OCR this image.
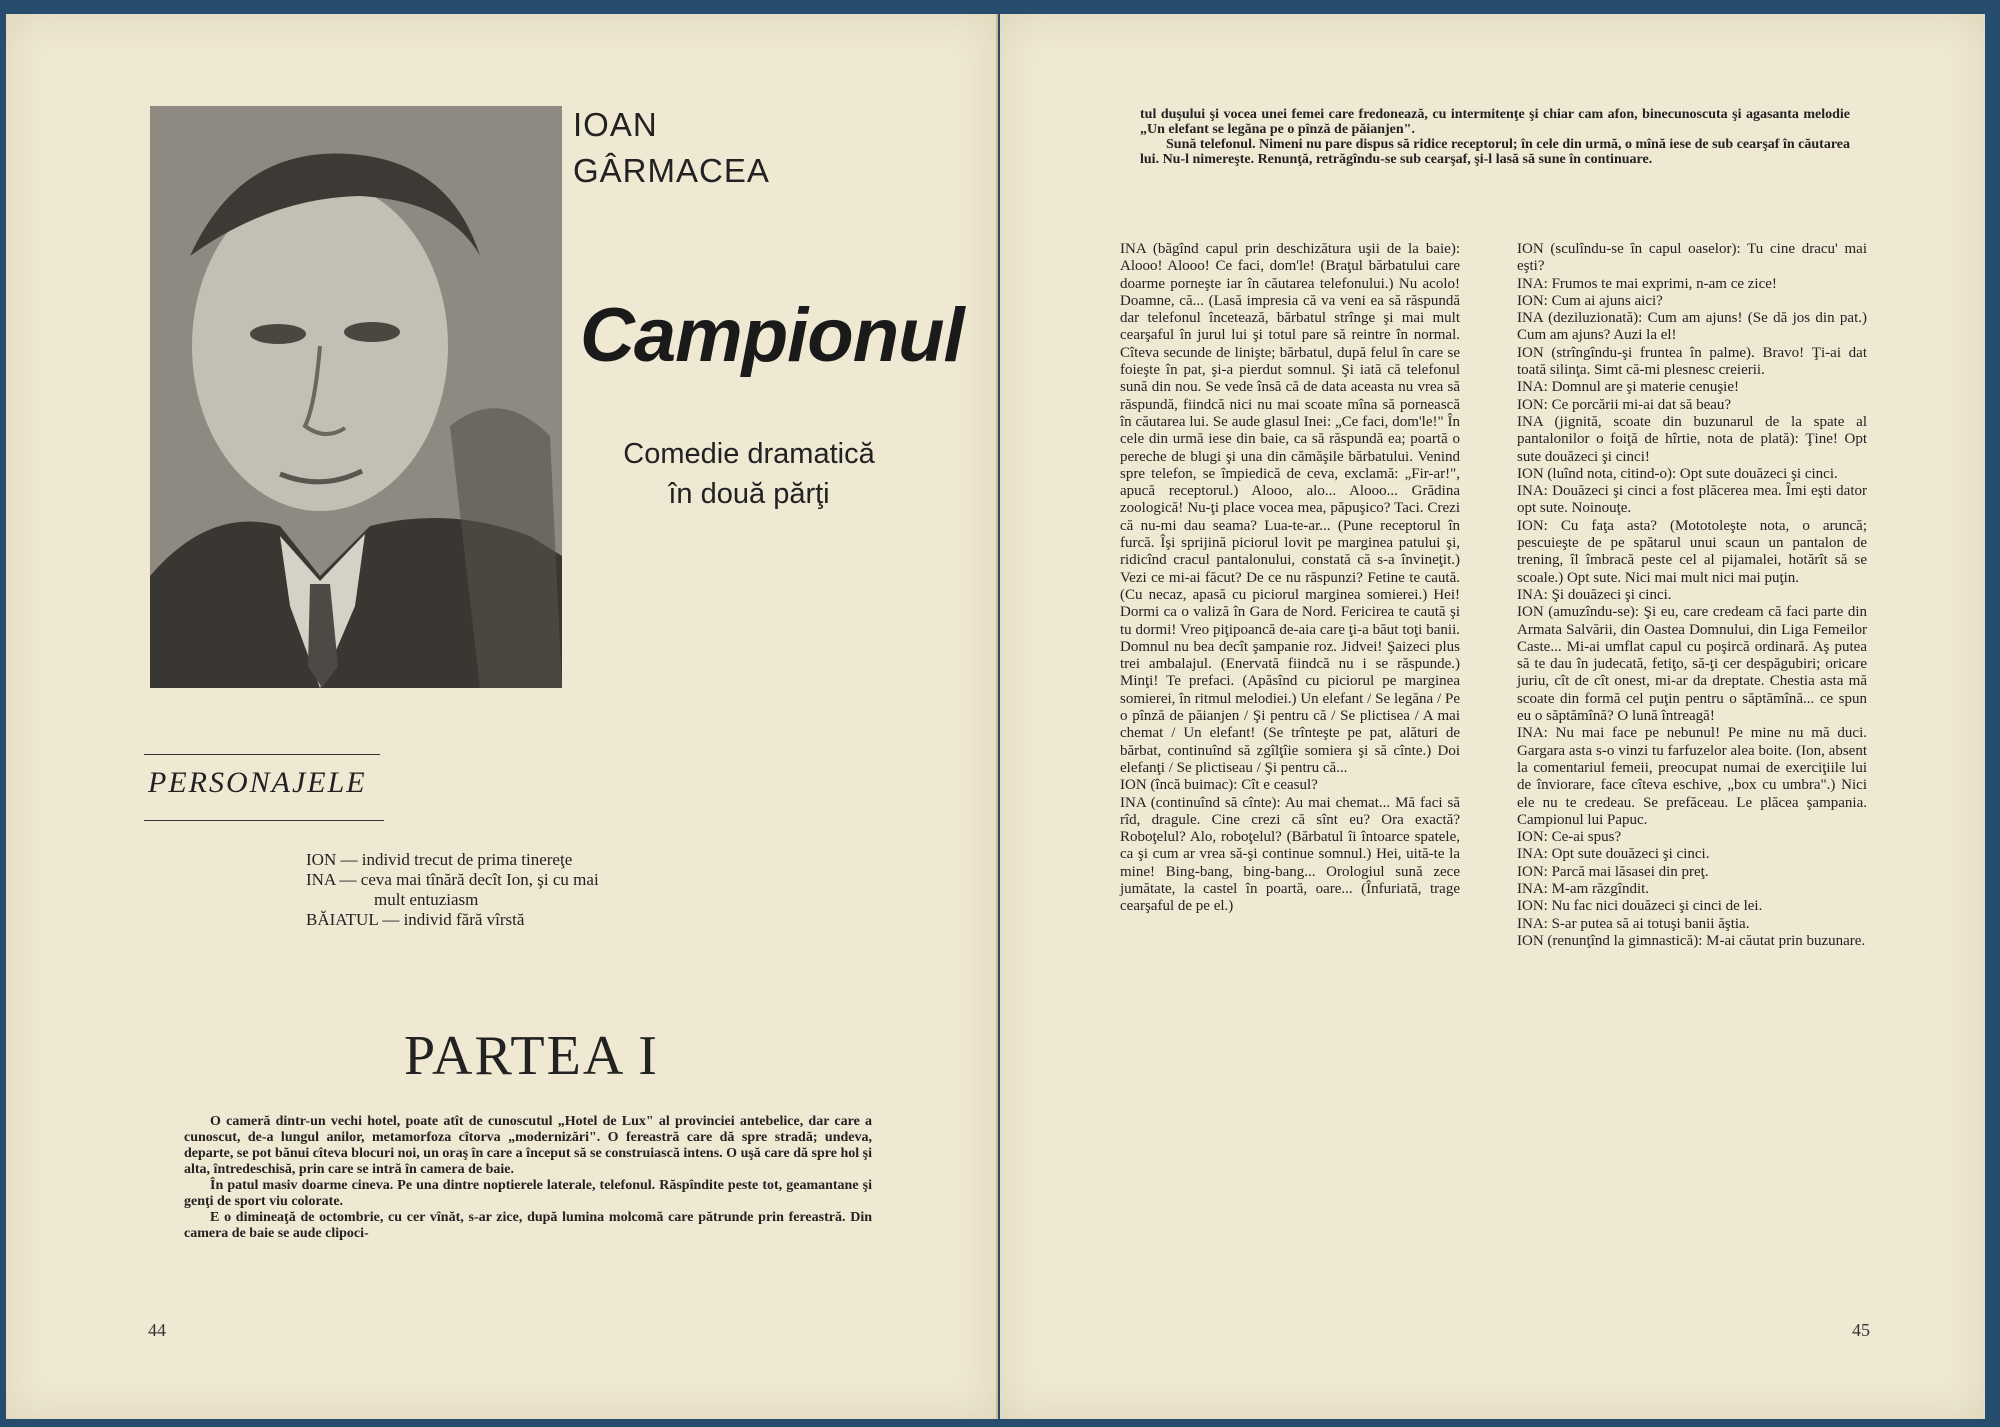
IOAN
GÂRMACEA
Campionul
Comedie dramatică
în două părţi
PERSONAJELE
ION — individ trecut de prima tinereţe
INA — ceva mai tînără decît Ion, şi cu mai
mult entuziasm
BĂIATUL — individ fără vîrstă
PARTEA I

O cameră dintr-un vechi hotel, poate atît de cunoscutul „Hotel de Lux" al provinciei antebelice, dar care a cunoscut, de-a lungul anilor, metamorfoza cîtorva „modernizări". O fereastră care dă spre stradă; undeva, departe, se pot bănui cîteva blocuri noi, un oraş în care a început să se construiască intens. O uşă care dă spre hol şi alta, întredeschisă, prin care se intră în camera de baie.

În patul masiv doarme cineva. Pe una dintre noptierele laterale, telefonul. Răspîndite peste tot, geamantane şi genţi de sport viu colorate.

E o dimineaţă de octombrie, cu cer vînăt, s-ar zice, după lumina molcomă care pătrunde prin fereastră. Din camera de baie se aude clipoci-

44

tul duşului şi vocea unei femei care fredonează, cu intermitenţe şi chiar cam afon, binecunoscuta şi agasanta melodie „Un elefant se legăna pe o pînză de păianjen".

Sună telefonul. Nimeni nu pare dispus să ridice receptorul; în cele din urmă, o mînă iese de sub cearşaf în căutarea lui. Nu-l nimereşte. Renunţă, retrăgîndu-se sub cearşaf, şi-l lasă să sune în continuare.

INA (băgînd capul prin deschizătura uşii de la baie): Alooo! Alooo! Ce faci, dom'le! (Braţul bărbatului care doarme porneşte iar în căutarea telefonului.) Nu acolo! Doamne, că... (Lasă impresia că va veni ea să răspundă dar telefonul încetează, bărbatul strînge şi mai mult cearşaful în jurul lui şi totul pare să reintre în normal. Cîteva secunde de linişte; bărbatul, după felul în care se foieşte în pat, şi-a pierdut somnul. Şi iată că telefonul sună din nou. Se vede însă că de data aceasta nu vrea să răspundă, fiindcă nici nu mai scoate mîna să pornească în căutarea lui. Se aude glasul Inei: „Ce faci, dom'le!" În cele din urmă iese din baie, ca să răspundă ea; poartă o pereche de blugi şi una din cămăşile bărbatului. Venind spre telefon, se împiedică de ceva, exclamă: „Fir-ar!", apucă receptorul.) Alooo, alo... Alooo... Grădina zoologică! Nu-ţi place vocea mea, păpuşico? Taci. Crezi că nu-mi dau seama? Lua-te-ar... (Pune receptorul în furcă. Îşi sprijină piciorul lovit pe marginea patului şi, ridicînd cracul pantalonului, constată că s-a învineţit.) Vezi ce mi-ai făcut? De ce nu răspunzi? Fetine te caută. (Cu necaz, apasă cu piciorul marginea somierei.) Hei! Dormi ca o valiză în Gara de Nord. Fericirea te caută şi tu dormi! Vreo piţipoancă de-aia care ţi-a băut toţi banii. Domnul nu bea decît şampanie roz. Jidvei! Şaizeci plus trei ambalajul. (Enervată fiindcă nu i se răspunde.) Minţi! Te prefaci. (Apăsînd cu piciorul pe marginea somierei, în ritmul melodiei.) Un elefant / Se legăna / Pe o pînză de păianjen / Şi pentru că / Se plictisea / A mai chemat / Un elefant! (Se trînteşte pe pat, alături de bărbat, continuînd să zgîlţîie somiera şi să cînte.) Doi elefanţi / Se plictiseau / Şi pentru că...

ION (încă buimac): Cît e ceasul?

INA (continuînd să cînte): Au mai chemat... Mă faci să rîd, dragule. Cine crezi că sînt eu? Ora exactă? Roboţelul? Alo, roboţelul? (Bărbatul îi întoarce spatele, ca şi cum ar vrea să-şi continue somnul.) Hei, uită-te la mine! Bing-bang, bing-bang... Orologiul sună zece jumătate, la castel în poartă, oare... (Înfuriată, trage cearşaful de pe el.)

ION (sculîndu-se în capul oaselor): Tu cine dracu' mai eşti?

INA: Frumos te mai exprimi, n-am ce zice!

ION: Cum ai ajuns aici?

INA (deziluzionată): Cum am ajuns! (Se dă jos din pat.) Cum am ajuns? Auzi la el!

ION (strîngîndu-şi fruntea în palme). Bravo! Ţi-ai dat toată silinţa. Simt că-mi plesnesc creierii.

INA: Domnul are şi materie cenuşie!

ION: Ce porcării mi-ai dat să beau?

INA (jignită, scoate din buzunarul de la spate al pantalonilor o foiţă de hîrtie, nota de plată): Ţine! Opt sute douăzeci şi cinci!

ION (luînd nota, citind-o): Opt sute douăzeci şi cinci.

INA: Douăzeci şi cinci a fost plăcerea mea. Îmi eşti dator opt sute. Noinouţe.

ION: Cu faţa asta? (Mototoleşte nota, o aruncă; pescuieşte de pe spătarul unui scaun un pantalon de trening, îl îmbracă peste cel al pijamalei, hotărît să se scoale.) Opt sute. Nici mai mult nici mai puţin.

INA: Şi douăzeci şi cinci.

ION (amuzîndu-se): Şi eu, care credeam că faci parte din Armata Salvării, din Oastea Domnului, din Liga Femeilor Caste... Mi-ai umflat capul cu poşircă ordinară. Aş putea să te dau în judecată, fetiţo, să-ţi cer despăgubiri; oricare juriu, cît de cît onest, mi-ar da dreptate. Chestia asta mă scoate din formă cel puţin pentru o săptămînă... ce spun eu o săptămînă? O lună întreagă!

INA: Nu mai face pe nebunul! Pe mine nu mă duci. Gargara asta s-o vinzi tu farfuzelor alea boite. (Ion, absent la comentariul femeii, preocupat numai de exerciţiile lui de înviorare, face cîteva eschive, „box cu umbra".) Nici ele nu te credeau. Se prefăceau. Le plăcea şampania. Campionul lui Papuc.

ION: Ce-ai spus?

INA: Opt sute douăzeci şi cinci.

ION: Parcă mai lăsasei din preţ.

INA: M-am răzgîndit.

ION: Nu fac nici douăzeci şi cinci de lei.

INA: S-ar putea să ai totuşi banii ăştia.

ION (renunţînd la gimnastică): M-ai căutat prin buzunare.

45
